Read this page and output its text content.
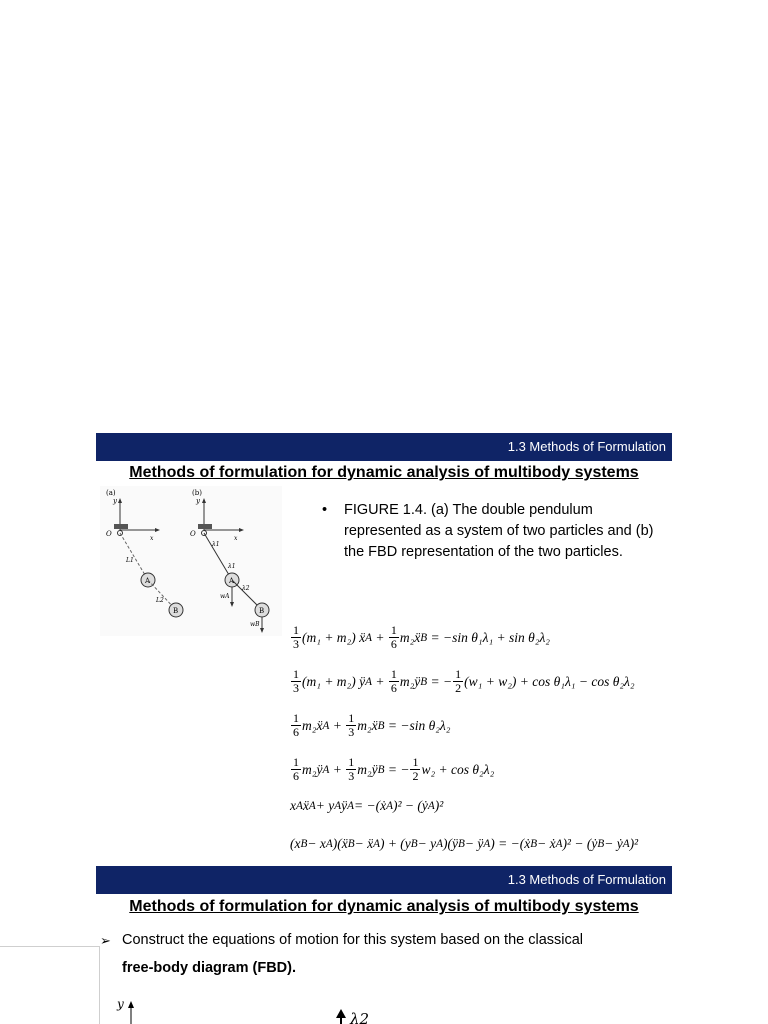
1.3 Methods of Formulation
Methods of formulation for dynamic analysis of multibody systems
(a)
y
x
O
L1
A
L2
B
(b)
y
x
O
λ1
λ1
A
wA
λ2
B
wB
• FIGURE 1.4. (a) The double pendulum represented as a system of two particles and (b) the FBD representation of the two particles.
$\frac{1}{3} (m_1 + m_2)$ ẍ $A + \frac{1}{6}$ m₂ẍ B = −sin θ₁λ₁ + sin θ₂λ₂
$\frac{1}{3} (m_1 + m_2)$ ÿ $A + \frac{1}{6}$ m₂ÿ B = − $\frac{1}{2} (w_1 + w_2) + \cos \theta_1\lambda_1 - \cos \theta_2\lambda_2$
$\frac{1}{6}$ m₂ẍ $A + \frac{1}{3}$ m₂ẍ B = −sin θ₂λ₂
$\frac{1}{6}$ m₂ÿ $A + \frac{1}{3}$ m₂ÿ B = − $\frac{1}{2} w_2 + \cos \theta_2\lambda_2$
x A ẍ A + y A ÿ A = −(ẋ A )² − (ẏ A )²
(x B − x A )(ẍ B − ẍ A ) + (y B − y A )(ÿ B − ÿ A ) = −(ẋ B − ẋ A )² − (ẏ B − ẏ A )²
1.3 Methods of Formulation
Methods of formulation for dynamic analysis of multibody systems
➢ Construct the equations of motion for this system based on the classical
free-body diagram (FBD).
y
λ2
